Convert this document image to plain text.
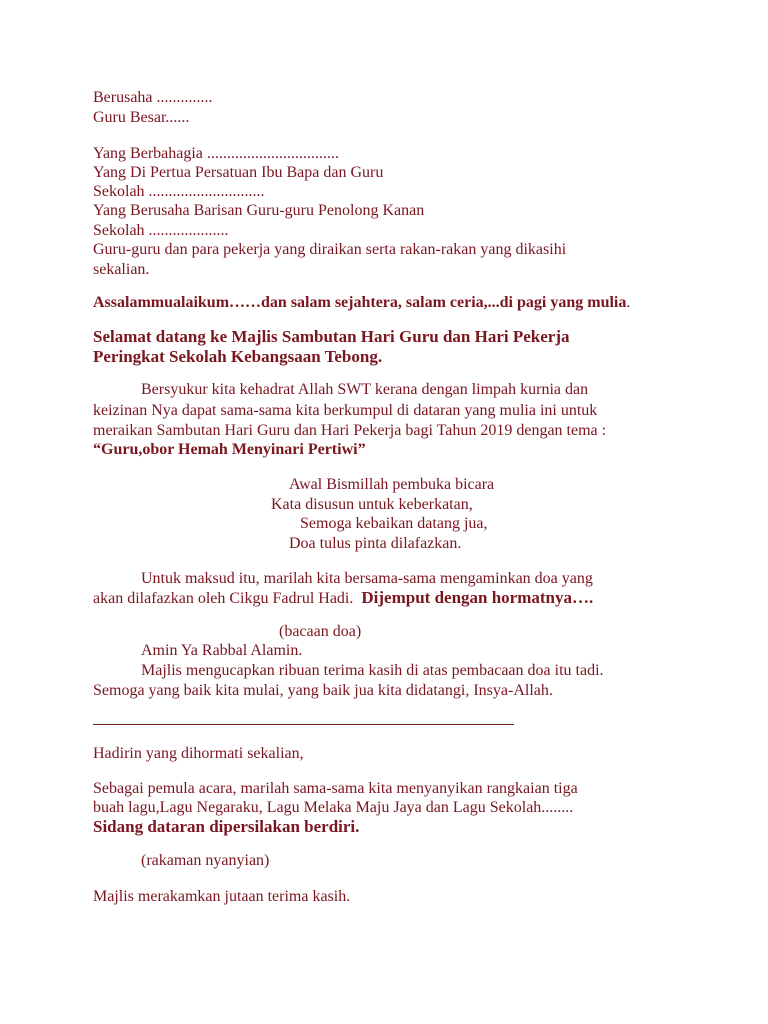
Berusaha ..............
Guru Besar......
Yang Berbahagia .................................
Yang Di Pertua Persatuan Ibu Bapa dan Guru
Sekolah .............................
Yang Berusaha Barisan Guru-guru Penolong Kanan
Sekolah ....................
Guru-guru dan para pekerja yang diraikan serta rakan-rakan yang dikasihi
sekalian.
Assalammualaikum……dan salam sejahtera, salam ceria,...di pagi yang mulia.
Selamat datang ke Majlis Sambutan Hari Guru dan Hari Pekerja
Peringkat Sekolah Kebangsaan Tebong.
Bersyukur kita kehadrat Allah SWT kerana dengan limpah kurnia dan
keizinan Nya dapat sama-sama kita berkumpul di dataran yang mulia ini untuk
meraikan Sambutan Hari Guru dan Hari Pekerja bagi Tahun 2019 dengan tema :
“Guru,obor Hemah Menyinari Pertiwi”
Awal Bismillah pembuka bicara
Kata disusun untuk keberkatan,
Semoga kebaikan datang jua,
Doa tulus pinta dilafazkan.
Untuk maksud itu, marilah kita bersama-sama mengaminkan doa yang
akan dilafazkan oleh Cikgu Fadrul Hadi. Dijemput dengan hormatnya….
(bacaan doa)
Amin Ya Rabbal Alamin.
Majlis mengucapkan ribuan terima kasih di atas pembacaan doa itu tadi.
Semoga yang baik kita mulai, yang baik jua kita didatangi, Insya-Allah.
Hadirin yang dihormati sekalian,
Sebagai pemula acara, marilah sama-sama kita menyanyikan rangkaian tiga
buah lagu,Lagu Negaraku, Lagu Melaka Maju Jaya dan Lagu Sekolah........
Sidang dataran dipersilakan berdiri.
(rakaman nyanyian)
Majlis merakamkan jutaan terima kasih.
